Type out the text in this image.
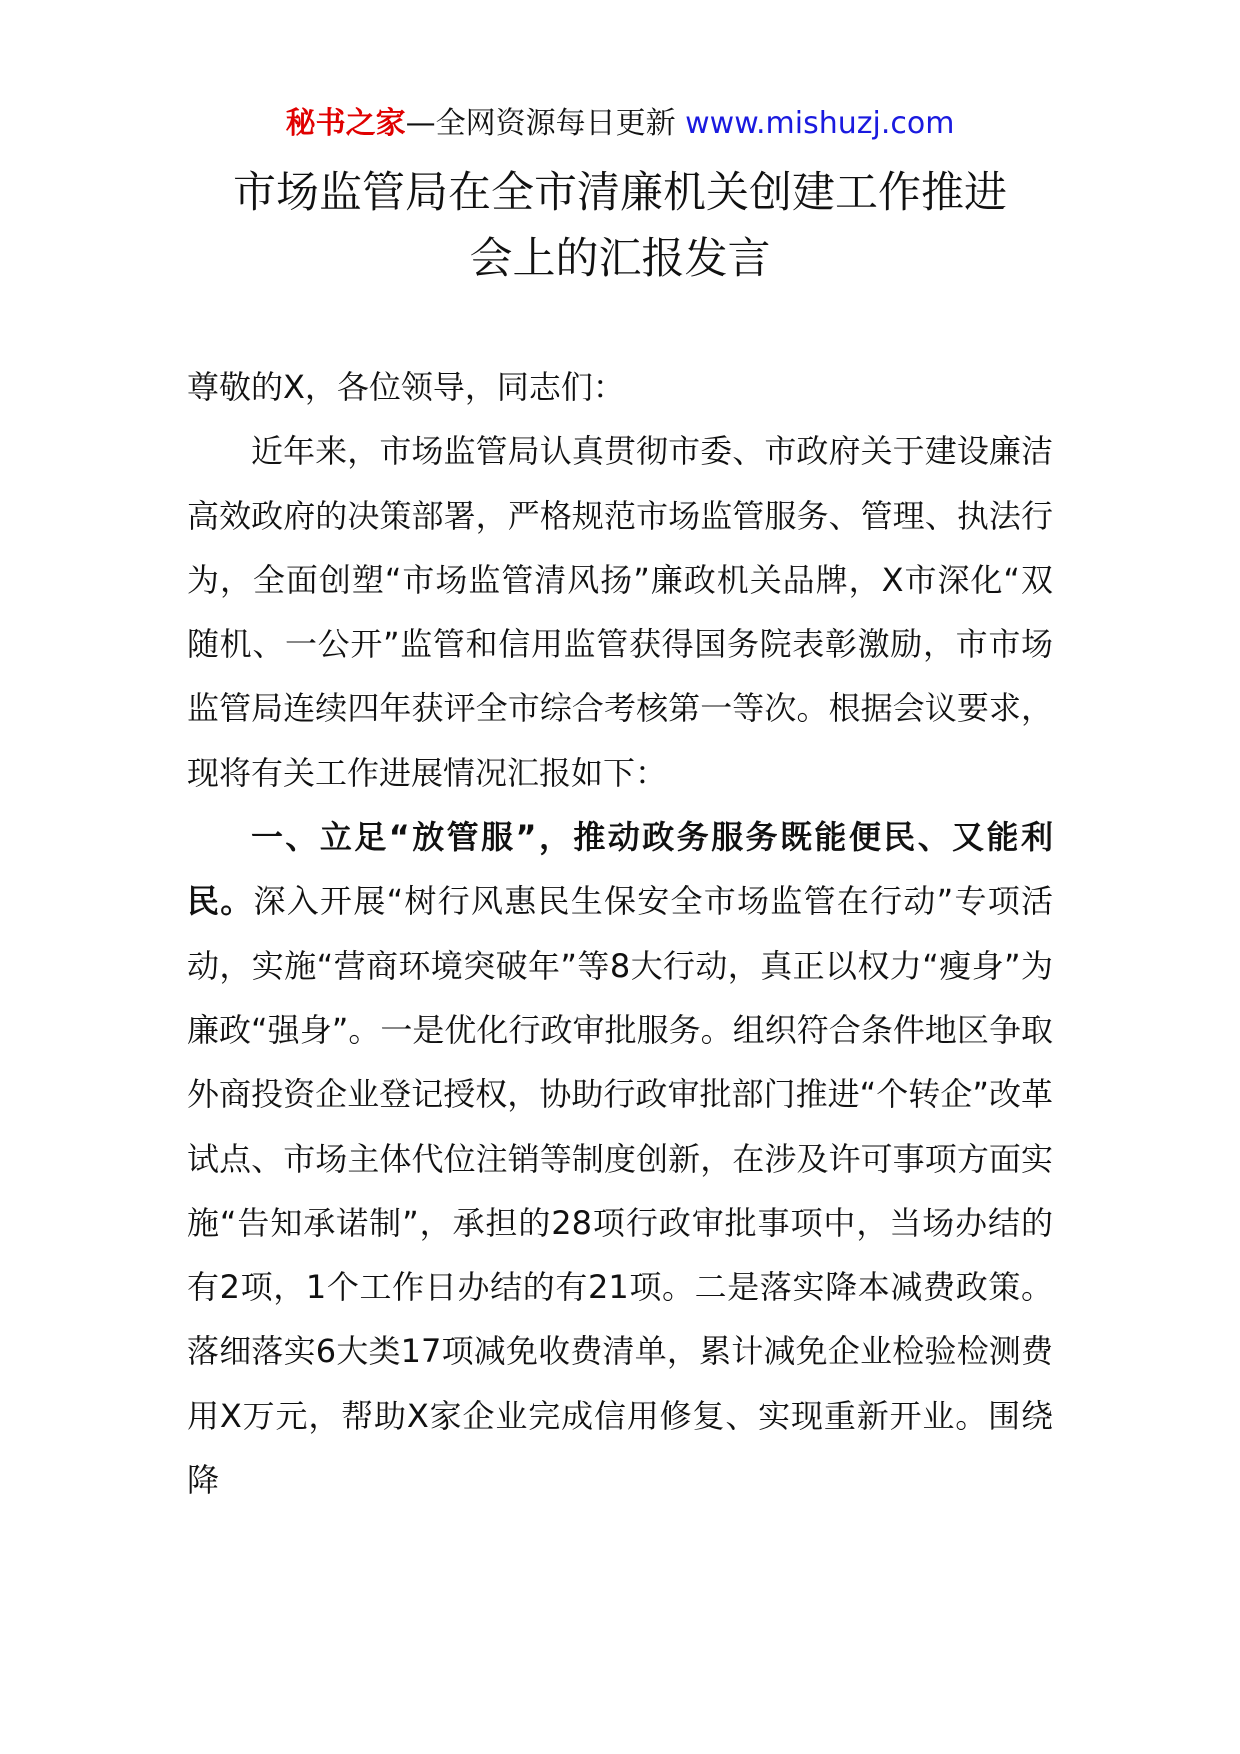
秘书之家—全网资源每日更新 www.mishuzj.com
市场监管局在全市清廉机关创建工作推进
会上的汇报发言

尊敬的X，各位领导，同志们：

近年来，市场监管局认真贯彻市委、市政府关于建设廉洁高效政府的决策部署，严格规范市场监管服务、管理、执法行为，全面创塑“市场监管清风扬”廉政机关品牌，X市深化“双随机、一公开”监管和信用监管获得国务院表彰激励，市市场监管局连续四年获评全市综合考核第一等次。根据会议要求，现将有关工作进展情况汇报如下：

一、立足“放管服”，推动政务服务既能便民、又能利民。深入开展“树行风惠民生保安全市场监管在行动”专项活动，实施“营商环境突破年”等8大行动，真正以权力“瘦身”为廉政“强身”。一是优化行政审批服务。组织符合条件地区争取外商投资企业登记授权，协助行政审批部门推进“个转企”改革试点、市场主体代位注销等制度创新，在涉及许可事项方面实施“告知承诺制”，承担的28项行政审批事项中，当场办结的有2项，1个工作日办结的有21项。二是落实降本减费政策。落细落实6大类17项减免收费清单，累计减免企业检验检测费用X万元，帮助X家企业完成信用修复、实现重新开业。围绕降
